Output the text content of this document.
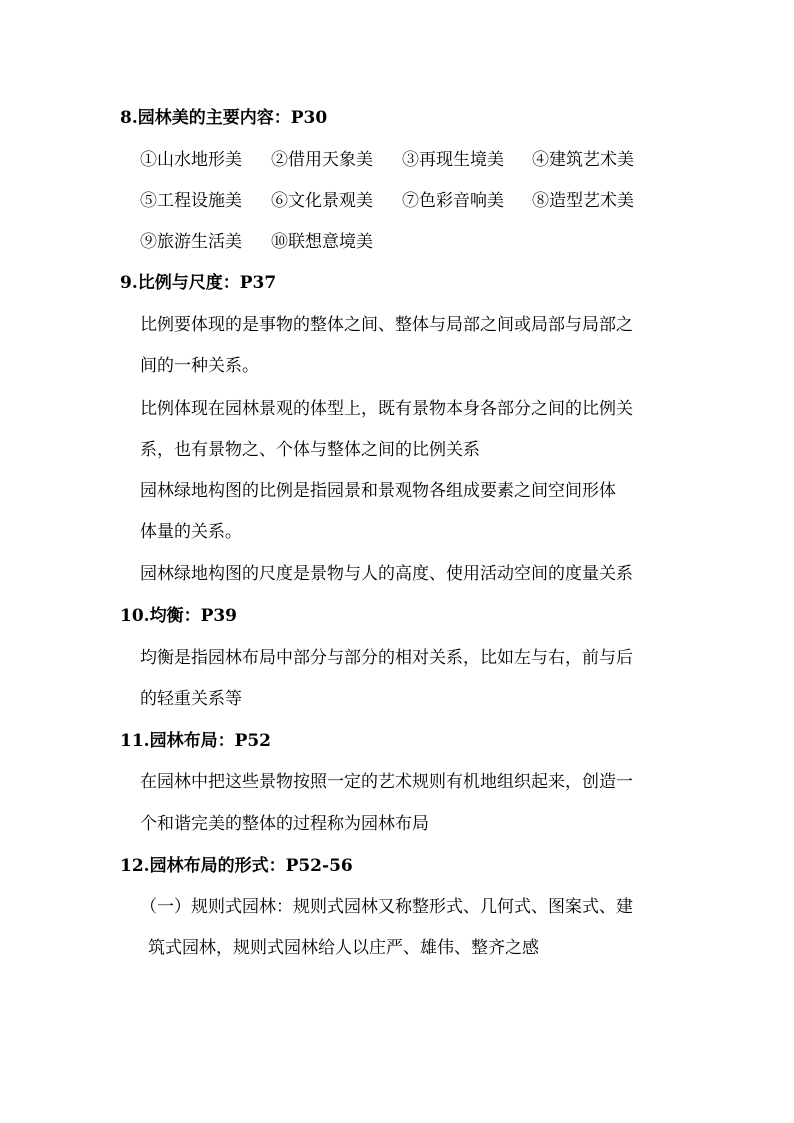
8.园林美的主要内容：P30
①山水地形美 ②借用天象美 ③再现生境美 ④建筑艺术美
⑤工程设施美 ⑥文化景观美 ⑦色彩音响美 ⑧造型艺术美
⑨旅游生活美 ⑩联想意境美
9.比例与尺度：P37
比例要体现的是事物的整体之间、整体与局部之间或局部与局部之
间的一种关系。
比例体现在园林景观的体型上，既有景物本身各部分之间的比例关
系，也有景物之、个体与整体之间的比例关系
园林绿地构图的比例是指园景和景观物各组成要素之间空间形体
体量的关系。
园林绿地构图的尺度是景物与人的高度、使用活动空间的度量关系
10.均衡：P39
均衡是指园林布局中部分与部分的相对关系，比如左与右，前与后
的轻重关系等
11.园林布局：P52
在园林中把这些景物按照一定的艺术规则有机地组织起来，创造一
个和谐完美的整体的过程称为园林布局
12.园林布局的形式：P52-56
（一）规则式园林：规则式园林又称整形式、几何式、图案式、建
筑式园林，规则式园林给人以庄严、雄伟、整齐之感
